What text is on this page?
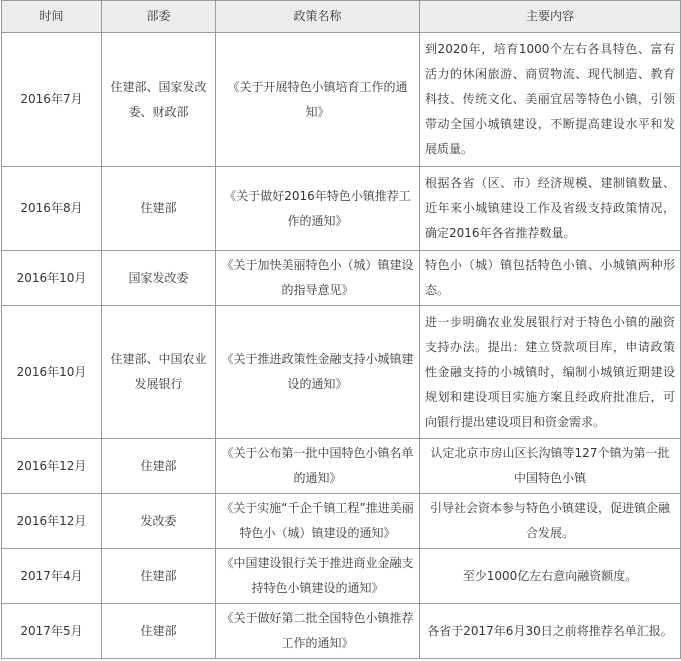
时间	部委	政策名称	主要内容
2016年7月	住建部、国家发改委、财政部	《关于开展特色小镇培育工作的通知》	到2020年，培育1000个左右各具特色、富有活力的休闲旅游、商贸物流、现代制造、教育科技、传统文化、美丽宜居等特色小镇，引领带动全国小城镇建设，不断提高建设水平和发展质量。
2016年8月	住建部	《关于做好2016年特色小镇推荐工作的通知》	根据各省（区、市）经济规模、建制镇数量、近年来小城镇建设工作及省级支持政策情况，确定2016年各省推荐数量。
2016年10月	国家发改委	《关于加快美丽特色小（城）镇建设的指导意见》	特色小（城）镇包括特色小镇、小城镇两种形态。
2016年10月	住建部、中国农业发展银行	《关于推进政策性金融支持小城镇建设的通知》	进一步明确农业发展银行对于特色小镇的融资支持办法。提出：建立贷款项目库，申请政策性金融支持的小城镇时，编制小城镇近期建设规划和建设项目实施方案且经政府批准后，可向银行提出建设项目和资金需求。
2016年12月	住建部	《关于公布第一批中国特色小镇名单的通知》	认定北京市房山区长沟镇等127个镇为第一批中国特色小镇
2016年12月	发改委	《关于实施“千企千镇工程”推进美丽特色小（城）镇建设的通知》	引导社会资本参与特色小镇建设，促进镇企融合发展。
2017年4月	住建部	《中国建设银行关于推进商业金融支持特色小镇建设的通知》	至少1000亿左右意向融资额度。
2017年5月	住建部	《关于做好第二批全国特色小镇推荐工作的通知》	各省于2017年6月30日之前将推荐名单汇报。
